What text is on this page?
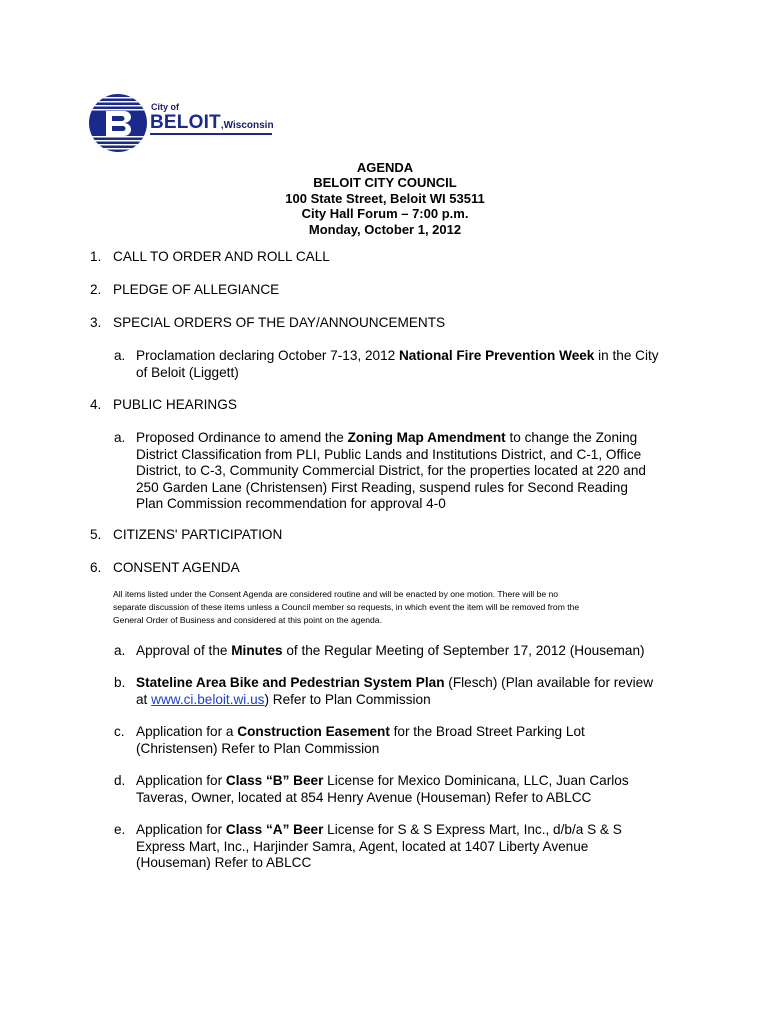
City of
BELOIT,Wisconsin
AGENDA
BELOIT CITY COUNCIL
100 State Street, Beloit WI 53511
City Hall Forum – 7:00 p.m.
Monday, October 1, 2012
1. CALL TO ORDER AND ROLL CALL
2. PLEDGE OF ALLEGIANCE
3. SPECIAL ORDERS OF THE DAY/ANNOUNCEMENTS
a. Proclamation declaring October 7-13, 2012 National Fire Prevention Week in the City
of Beloit (Liggett)
4. PUBLIC HEARINGS
a. Proposed Ordinance to amend the Zoning Map Amendment to change the Zoning
District Classification from PLI, Public Lands and Institutions District, and C-1, Office
District, to C-3, Community Commercial District, for the properties located at 220 and
250 Garden Lane (Christensen) First Reading, suspend rules for Second Reading
Plan Commission recommendation for approval 4-0
5. CITIZENS' PARTICIPATION
6. CONSENT AGENDA
All items listed under the Consent Agenda are considered routine and will be enacted by one motion. There will be no
separate discussion of these items unless a Council member so requests, in which event the item will be removed from the
General Order of Business and considered at this point on the agenda.
a. Approval of the Minutes of the Regular Meeting of September 17, 2012 (Houseman)
b. Stateline Area Bike and Pedestrian System Plan (Flesch) (Plan available for review
at www.ci.beloit.wi.us) Refer to Plan Commission
c. Application for a Construction Easement for the Broad Street Parking Lot
(Christensen) Refer to Plan Commission
d. Application for Class “B” Beer License for Mexico Dominicana, LLC, Juan Carlos
Taveras, Owner, located at 854 Henry Avenue (Houseman) Refer to ABLCC
e. Application for Class “A” Beer License for S & S Express Mart, Inc., d/b/a S & S
Express Mart, Inc., Harjinder Samra, Agent, located at 1407 Liberty Avenue
(Houseman) Refer to ABLCC
